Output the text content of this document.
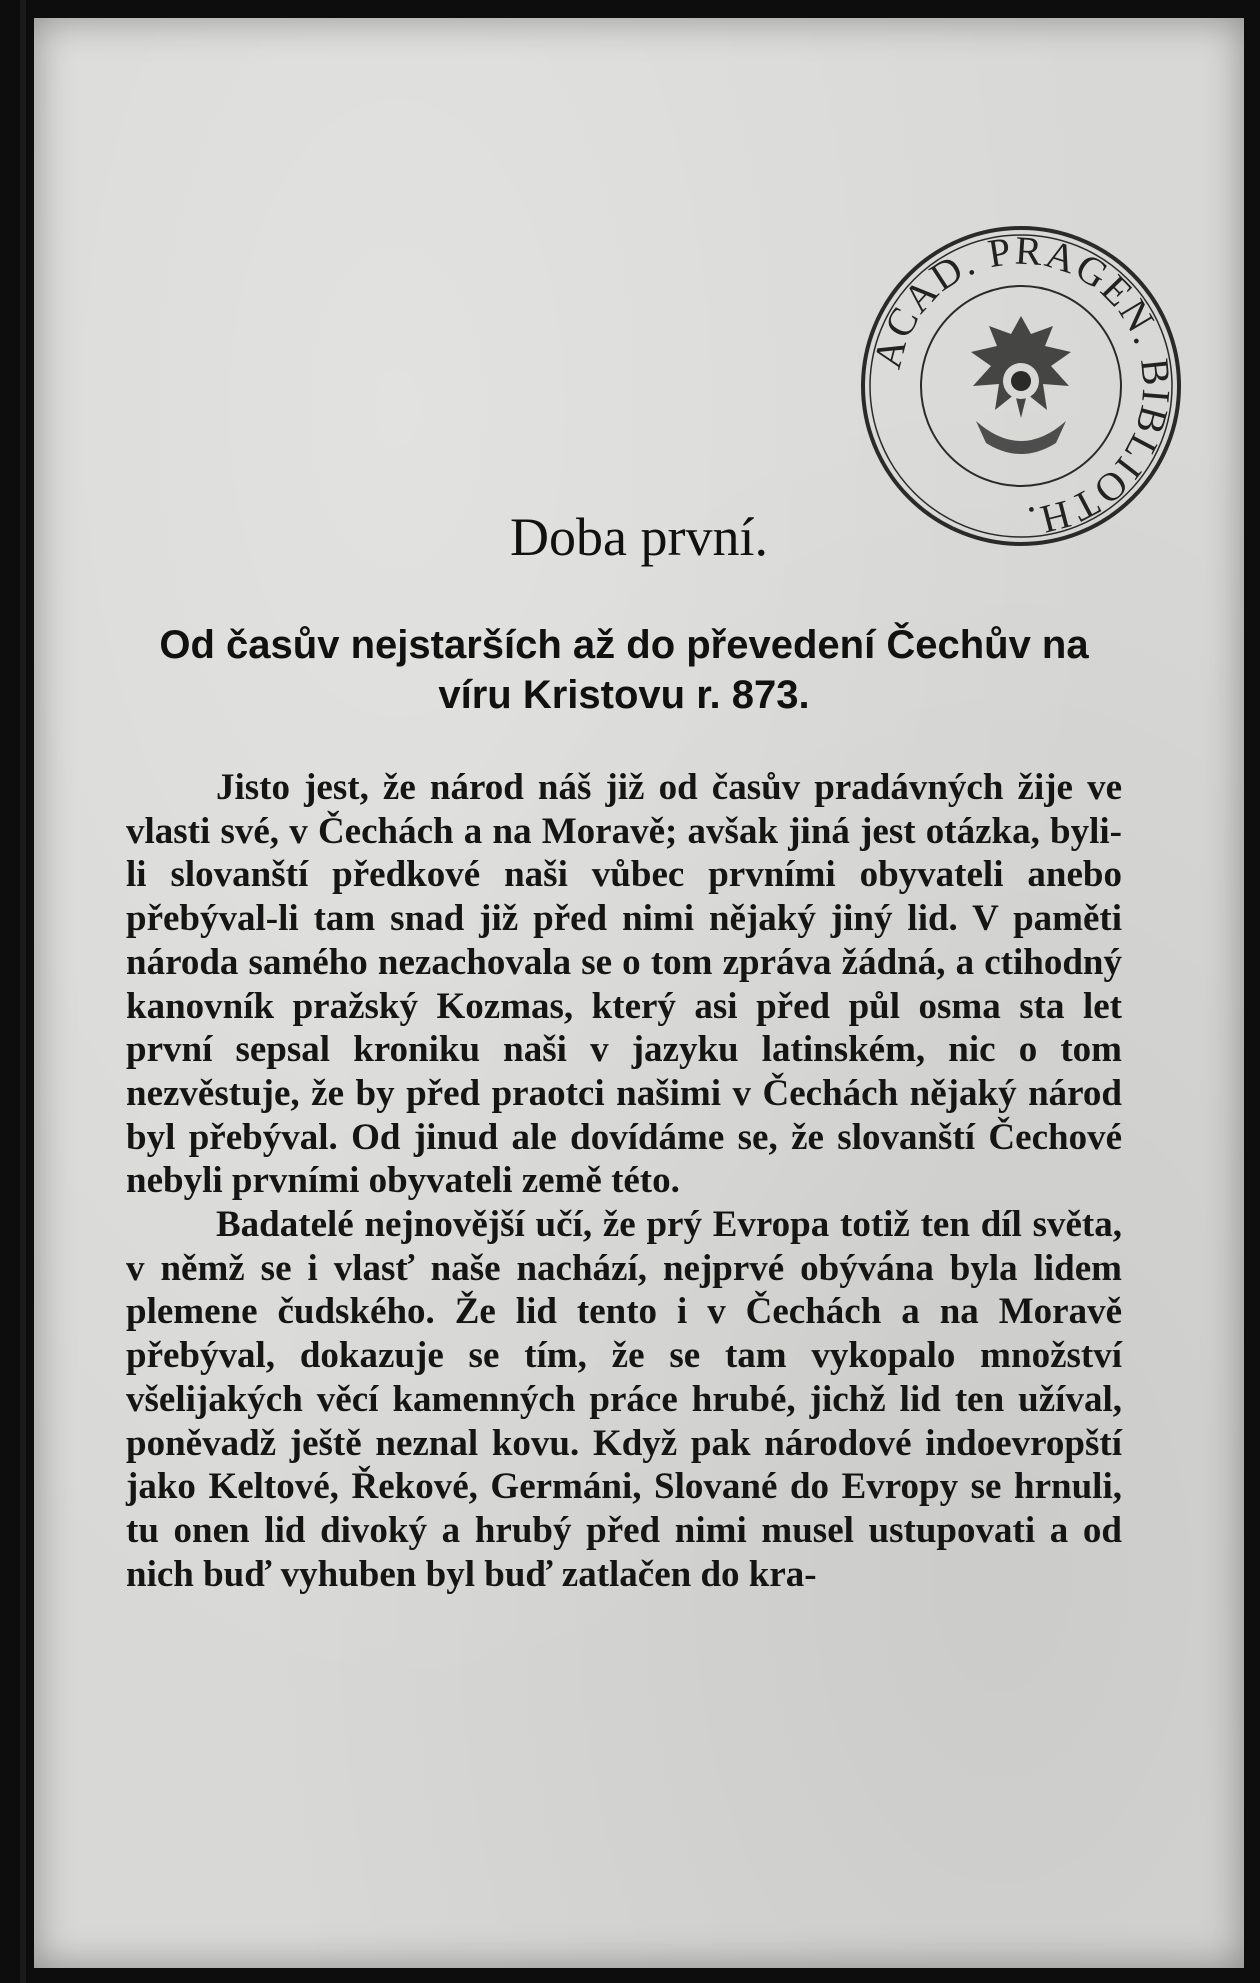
ACAD. PRAGEN. BIBLIOTH.
Doba první.
Od časův nejstarších až do převedení Čechův na víru Kristovu r. 873.

Jisto jest, že národ náš již od časův pradávných žije ve vlasti své, v Čechách a na Moravě; avšak jiná jest otázka, byli-li slovanští předkové naši vůbec prvními obyvateli anebo přebýval-li tam snad již před nimi nějaký jiný lid. V paměti národa samého nezachovala se o tom zpráva žádná, a ctihodný kanovník pražský Kozmas, který asi před půl osma sta let první sepsal kroniku naši v jazyku latinském, nic o tom nezvěstuje, že by před praotci našimi v Čechách nějaký národ byl přebýval. Od jinud ale dovídáme se, že slovanští Čechové nebyli prvními obyvateli země této.

Badatelé nejnovější učí, že prý Evropa totiž ten díl světa, v němž se i vlasť naše nachází, nejprvé obývána byla lidem plemene čudského. Že lid tento i v Čechách a na Moravě přebýval, dokazuje se tím, že se tam vykopalo množství všelijakých věcí kamenných práce hrubé, jichž lid ten užíval, poněvadž ještě neznal kovu. Když pak národové indoevropští jako Keltové, Řekové, Germáni, Slované do Evropy se hrnuli, tu onen lid divoký a hrubý před nimi musel ustupovati a od nich buď vyhuben byl buď zatlačen do kra-
